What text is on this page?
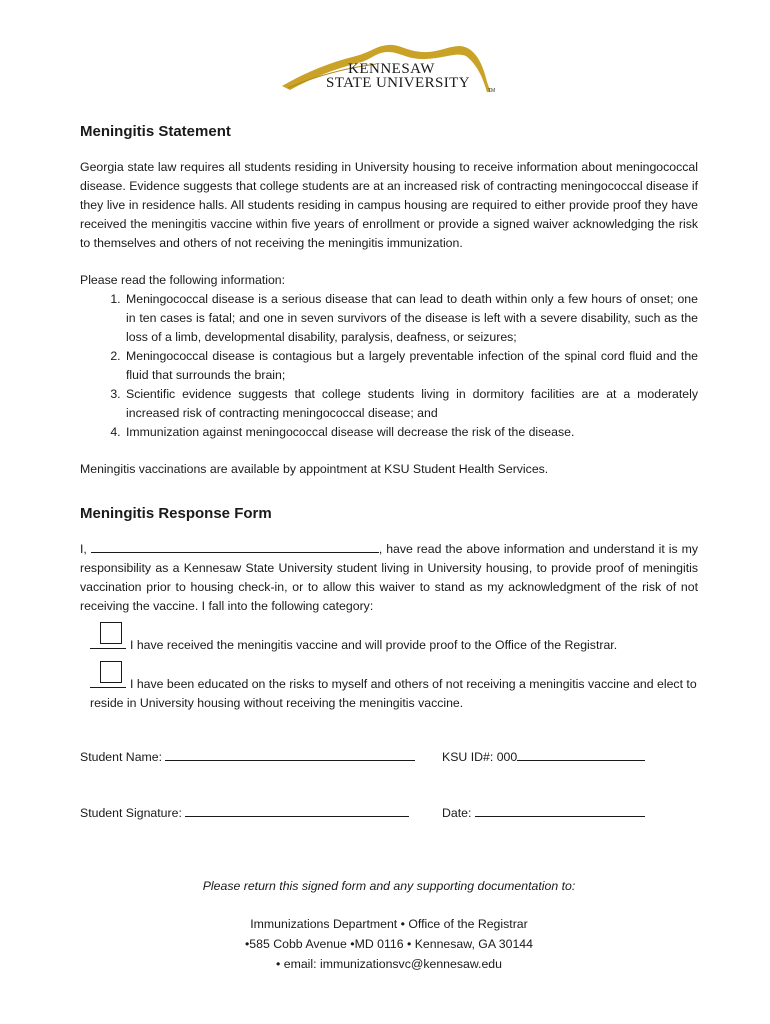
KENNESAW
STATE UNIVERSITY	TM
Meningitis Statement

Georgia state law requires all students residing in University housing to receive information about meningococcal disease. Evidence suggests that college students are at an increased risk of contracting meningococcal disease if they live in residence halls. All students residing in campus housing are required to either provide proof they have received the meningitis vaccine within five years of enrollment or provide a signed waiver acknowledging the risk to themselves and others of not receiving the meningitis immunization.

Please read the following information:

1. Meningococcal disease is a serious disease that can lead to death within only a few hours of onset; one in ten cases is fatal; and one in seven survivors of the disease is left with a severe disability, such as the loss of a limb, developmental disability, paralysis, deafness, or seizures;
2. Meningococcal disease is contagious but a largely preventable infection of the spinal cord fluid and the fluid that surrounds the brain;
3. Scientific evidence suggests that college students living in dormitory facilities are at a moderately increased risk of contracting meningococcal disease; and
4. Immunization against meningococcal disease will decrease the risk of the disease.

Meningitis vaccinations are available by appointment at KSU Student Health Services.

Meningitis Response Form

I,	, have read the above information and understand it is my responsibility as a Kennesaw State University student living in University housing, to provide proof of meningitis vaccination prior to housing check-in, or to allow this waiver to stand as my acknowledgment of the risk of not receiving the vaccine. I fall into the following category:

I have received the meningitis vaccine and will provide proof to the Office of the Registrar.
I have been educated on the risks to myself and others of not receiving a meningitis vaccine and elect to reside in University housing without receiving the meningitis vaccine.
Student Name:	KSU ID#: 000
Student Signature:	Date:
Please return this signed form and any supporting documentation to:
Immunizations Department • Office of the Registrar
•585 Cobb Avenue •MD 0116 • Kennesaw, GA 30144
• email: immunizationsvc@kennesaw.edu
